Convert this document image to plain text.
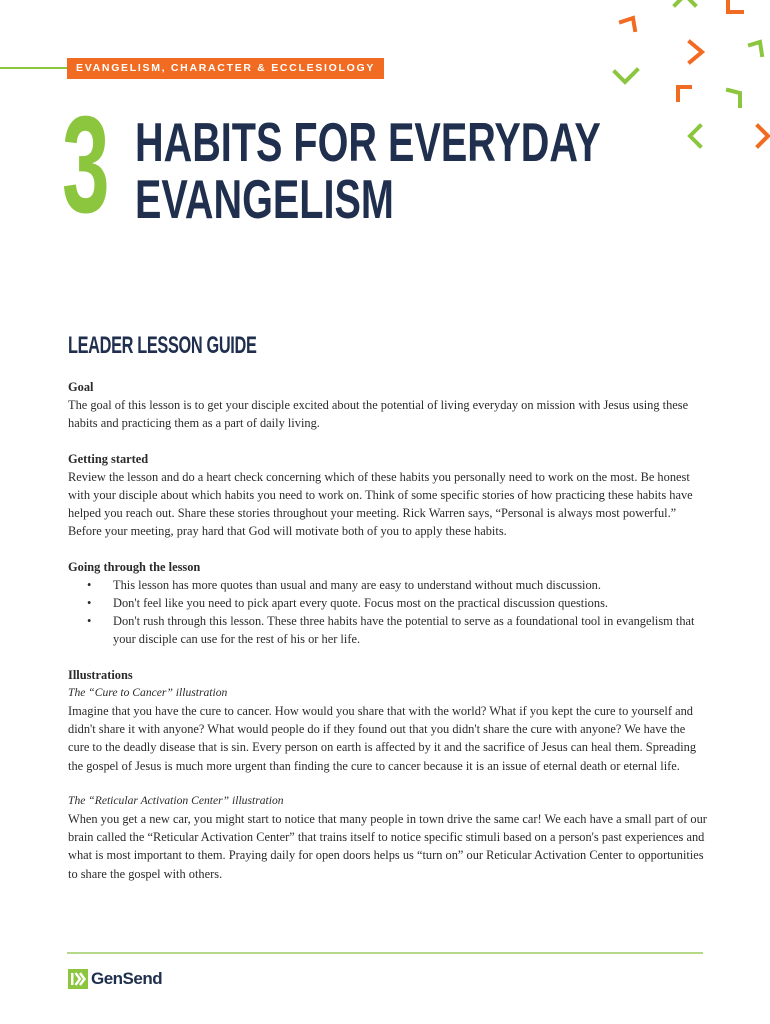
EVANGELISM, CHARACTER & ECCLESIOLOGY
3 HABITS FOR EVERYDAY
EVANGELISM
LEADER LESSON GUIDE
Goal

The goal of this lesson is to get your disciple excited about the potential of living everyday on mission with Jesus using these habits and practicing them as a part of daily living.

Getting started

Review the lesson and do a heart check concerning which of these habits you personally need to work on the most. Be honest with your disciple about which habits you need to work on. Think of some specific stories of how practicing these habits have helped you reach out. Share these stories throughout your meeting. Rick Warren says, “Personal is always most powerful.” Before your meeting, pray hard that God will motivate both of you to apply these habits.

Going through the lesson
• This lesson has more quotes than usual and many are easy to understand without much discussion.
• Don't feel like you need to pick apart every quote. Focus most on the practical discussion questions.
• Don't rush through this lesson. These three habits have the potential to serve as a foundational tool in evangelism that your disciple can use for the rest of his or her life.
Illustrations
The “Cure to Cancer” illustration

Imagine that you have the cure to cancer. How would you share that with the world? What if you kept the cure to yourself and didn't share it with anyone? What would people do if they found out that you didn't share the cure with anyone? We have the cure to the deadly disease that is sin. Every person on earth is affected by it and the sacrifice of Jesus can heal them. Spreading the gospel of Jesus is much more urgent than finding the cure to cancer because it is an issue of eternal death or eternal life.

The “Reticular Activation Center” illustration

When you get a new car, you might start to notice that many people in town drive the same car! We each have a small part of our brain called the “Reticular Activation Center” that trains itself to notice specific stimuli based on a person's past experiences and what is most important to them. Praying daily for open doors helps us “turn on” our Reticular Activation Center to opportunities to share the gospel with others.

GenSend
